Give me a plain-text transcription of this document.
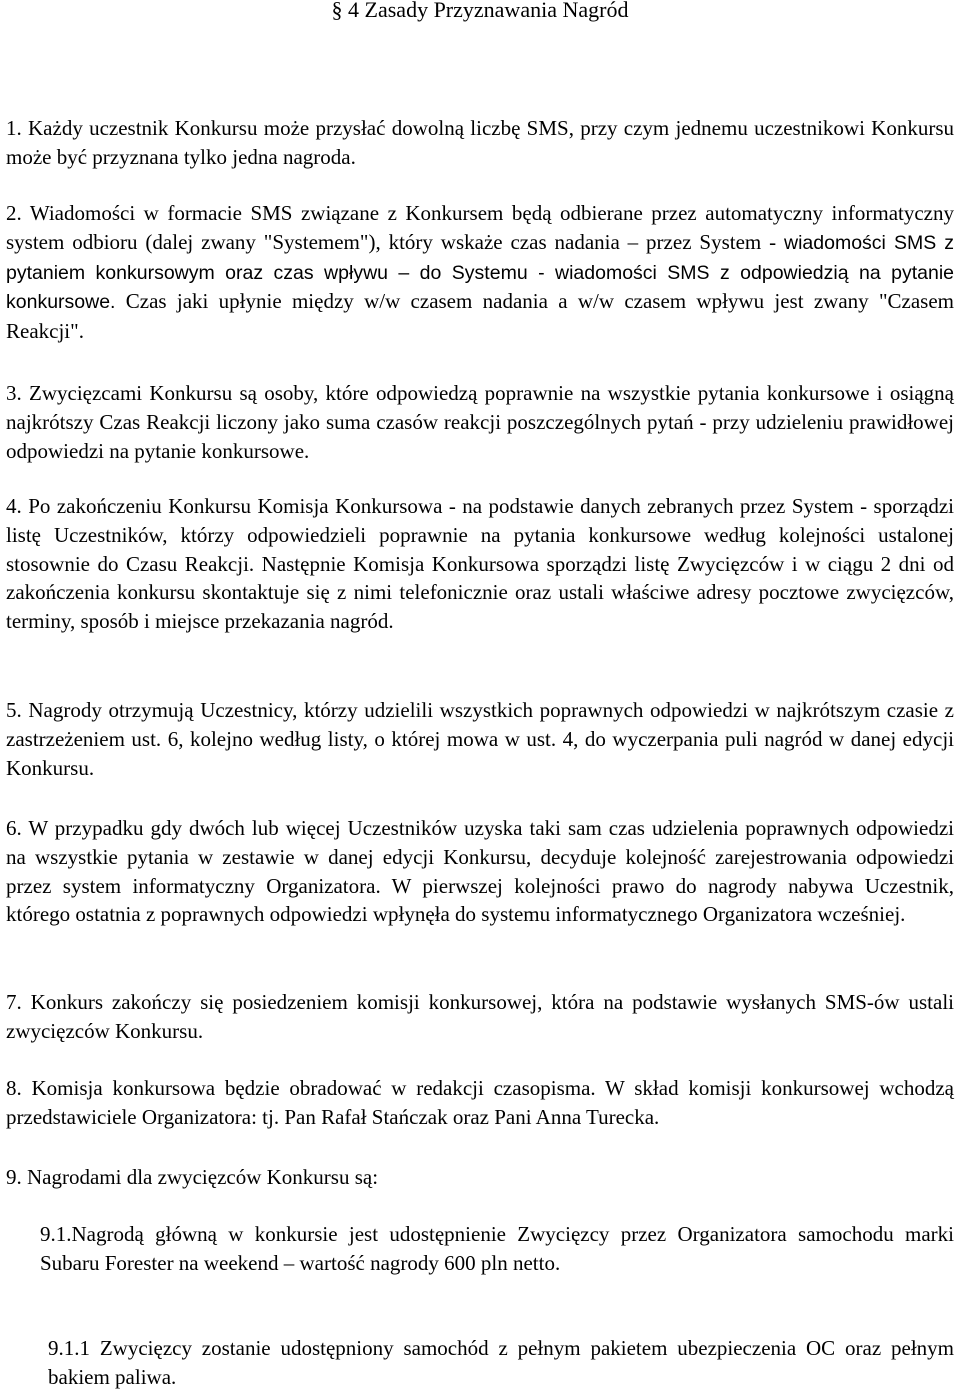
§ 4 Zasady Przyznawania Nagród

1. Każdy uczestnik Konkursu może przysłać dowolną liczbę SMS, przy czym jednemu uczestnikowi Konkursu może być przyznana tylko jedna nagroda.

2. Wiadomości w formacie SMS związane z Konkursem będą odbierane przez automatyczny informatyczny system odbioru (dalej zwany "Systemem"), który wskaże czas nadania – przez System - wiadomości SMS z pytaniem konkursowym oraz czas wpływu – do Systemu - wiadomości SMS z odpowiedzią na pytanie konkursowe. Czas jaki upłynie między w/w czasem nadania a w/w czasem wpływu jest zwany "Czasem Reakcji".

3. Zwycięzcami Konkursu są osoby, które odpowiedzą poprawnie na wszystkie pytania konkursowe i osiągną najkrótszy Czas Reakcji liczony jako suma czasów reakcji poszczególnych pytań - przy udzieleniu prawidłowej odpowiedzi na pytanie konkursowe.

4. Po zakończeniu Konkursu Komisja Konkursowa - na podstawie danych zebranych przez System - sporządzi listę Uczestników, którzy odpowiedzieli poprawnie na pytania konkursowe według kolejności ustalonej stosownie do Czasu Reakcji. Następnie Komisja Konkursowa sporządzi listę Zwycięzców i w ciągu 2 dni od zakończenia konkursu skontaktuje się z nimi telefonicznie oraz ustali właściwe adresy pocztowe zwycięzców, terminy, sposób i miejsce przekazania nagród.

5. Nagrody otrzymują Uczestnicy, którzy udzielili wszystkich poprawnych odpowiedzi w najkrótszym czasie z zastrzeżeniem ust. 6, kolejno według listy, o której mowa w ust. 4, do wyczerpania puli nagród w danej edycji Konkursu.

6. W przypadku gdy dwóch lub więcej Uczestników uzyska taki sam czas udzielenia poprawnych odpowiedzi na wszystkie pytania w zestawie w danej edycji Konkursu, decyduje kolejność zarejestrowania odpowiedzi przez system informatyczny Organizatora. W pierwszej kolejności prawo do nagrody nabywa Uczestnik, którego ostatnia z poprawnych odpowiedzi wpłynęła do systemu informatycznego Organizatora wcześniej.

7. Konkurs zakończy się posiedzeniem komisji konkursowej, która na podstawie wysłanych SMS-ów ustali zwycięzców Konkursu.

8. Komisja konkursowa będzie obradować w redakcji czasopisma. W skład komisji konkursowej wchodzą przedstawiciele Organizatora: tj. Pan Rafał Stańczak oraz Pani Anna Turecka.

9. Nagrodami dla zwycięzców Konkursu są:

9.1.Nagrodą główną w konkursie jest udostępnienie Zwycięzcy przez Organizatora samochodu marki Subaru Forester na weekend – wartość nagrody 600 pln netto.

9.1.1 Zwycięzcy zostanie udostępniony samochód z pełnym pakietem ubezpieczenia OC oraz pełnym bakiem paliwa.
